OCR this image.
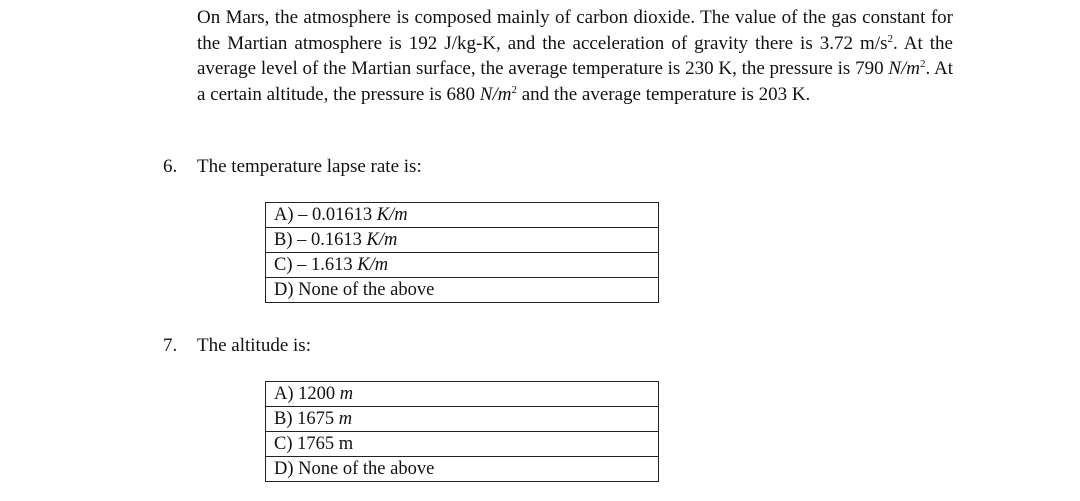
On Mars, the atmosphere is composed mainly of carbon dioxide. The value of the gas constant for the Martian atmosphere is 192 J/kg-K, and the acceleration of gravity there is 3.72 $m/s^2$. At the average level of the Martian surface, the average temperature is 230 K, the pressure is 790 $N/m^2$. At a certain altitude, the pressure is 680 $N/m^2$ and the average temperature is 203 K.

6. The temperature lapse rate is:

A) – 0.01613 K/m
B) – 0.1613 K/m
C) – 1.613 K/m
D) None of the above

7. The altitude is:

A) 1200 m
B) 1675 m
C) 1765 m
D) None of the above
